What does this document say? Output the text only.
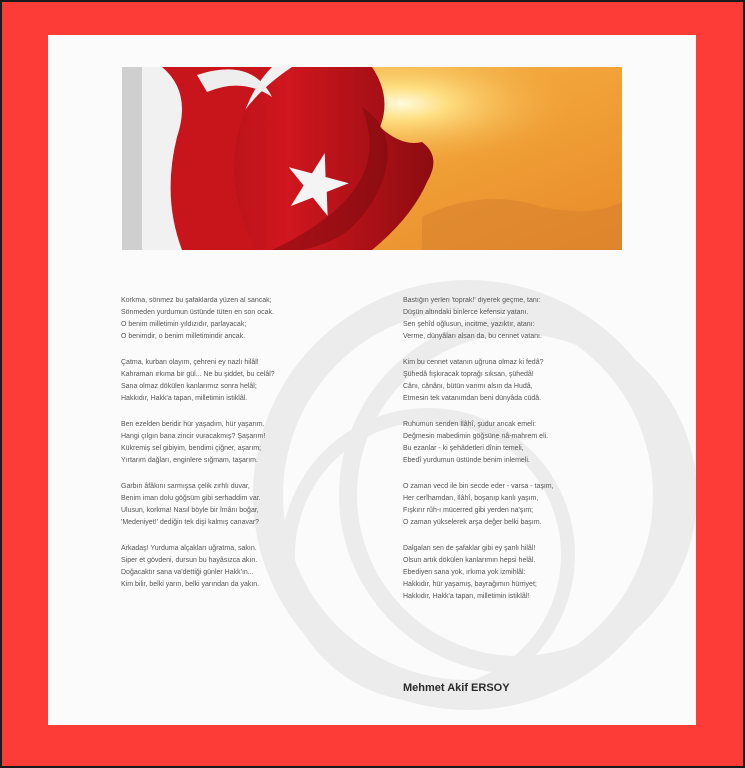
Korkma, sönmez bu şafaklarda yüzen al sancak;
Sönmeden yurdumun üstünde tüten en son ocak.
O benim milletimin yıldızıdır, parlayacak;
O benimdir, o benim milletimindir ancak.
Çatma, kurban olayım, çehreni ey nazlı hilâl!
Kahraman ırkıma bir gül... Ne bu şiddet, bu celâl?
Sana olmaz dökülen kanlarımız sonra helâl;
Hakkıdır, Hakk'a tapan, milletimin istiklâl.
Ben ezelden beridir hür yaşadım, hür yaşarım.
Hangi çılgın bana zincir vuracakmış? Şaşarım!
Kükremiş sel gibiyim, bendimi çiğner, aşarım;
Yırtarım dağları, enginlere sığmam, taşarım.
Garbın âfâkını sarmışsa çelik zırhlı duvar,
Benim iman dolu göğsüm gibi serhaddim var.
Ulusun, korkma! Nasıl böyle bir îmânı boğar,
'Medeniyet!' dediğin tek dişi kalmış canavar?
Arkadaş! Yurduma alçakları uğratma, sakın.
Siper et gövdeni, dursun bu hayâsızca akın.
Doğacaktır sana va'dettiği günler Hakk'ın...
Kim bilir, belki yarın, belki yarından da yakın.
Bastığın yerleri 'toprak!' diyerek geçme, tanı:
Düşün altındaki binlerce kefensiz yatanı.
Sen şehîd oğlusun, incitme, yazıktır, atanı:
Verme, dünyâları alsan da, bu cennet vatanı.
Kim bu cennet vatanın uğruna olmaz ki fedâ?
Şühedâ fışkıracak toprağı sıksan, şühedâ!
Cânı, cânânı, bütün varımı alsın da Hudâ,
Etmesin tek vatanımdan beni dünyâda cüdâ.
Ruhumun senden İlâhî, şudur ancak emeli:
Değmesin mabedimin göğsüne nâ-mahrem eli.
Bu ezanlar - ki şehâdetleri dînin temeli,
Ebedî yurdumun üstünde benim inlemeli.
O zaman vecd ile bin secde eder - varsa - taşım,
Her cerîhamdan, İlâhî, boşanıp kanlı yaşım,
Fışkırır rûh-ı mücerred gibi yerden na'şım;
O zaman yükselerek arşa değer belki başım.
Dalgalan sen de şafaklar gibi ey şanlı hilâl!
Olsun artık dökülen kanlarımın hepsi helâl.
Ebediyen sana yok, ırkıma yok izmihlâl:
Hakkıdır, hür yaşamış, bayrağımın hürriyet;
Hakkıdır, Hakk'a tapan, milletimin istiklâl!
Mehmet Akif ERSOY
